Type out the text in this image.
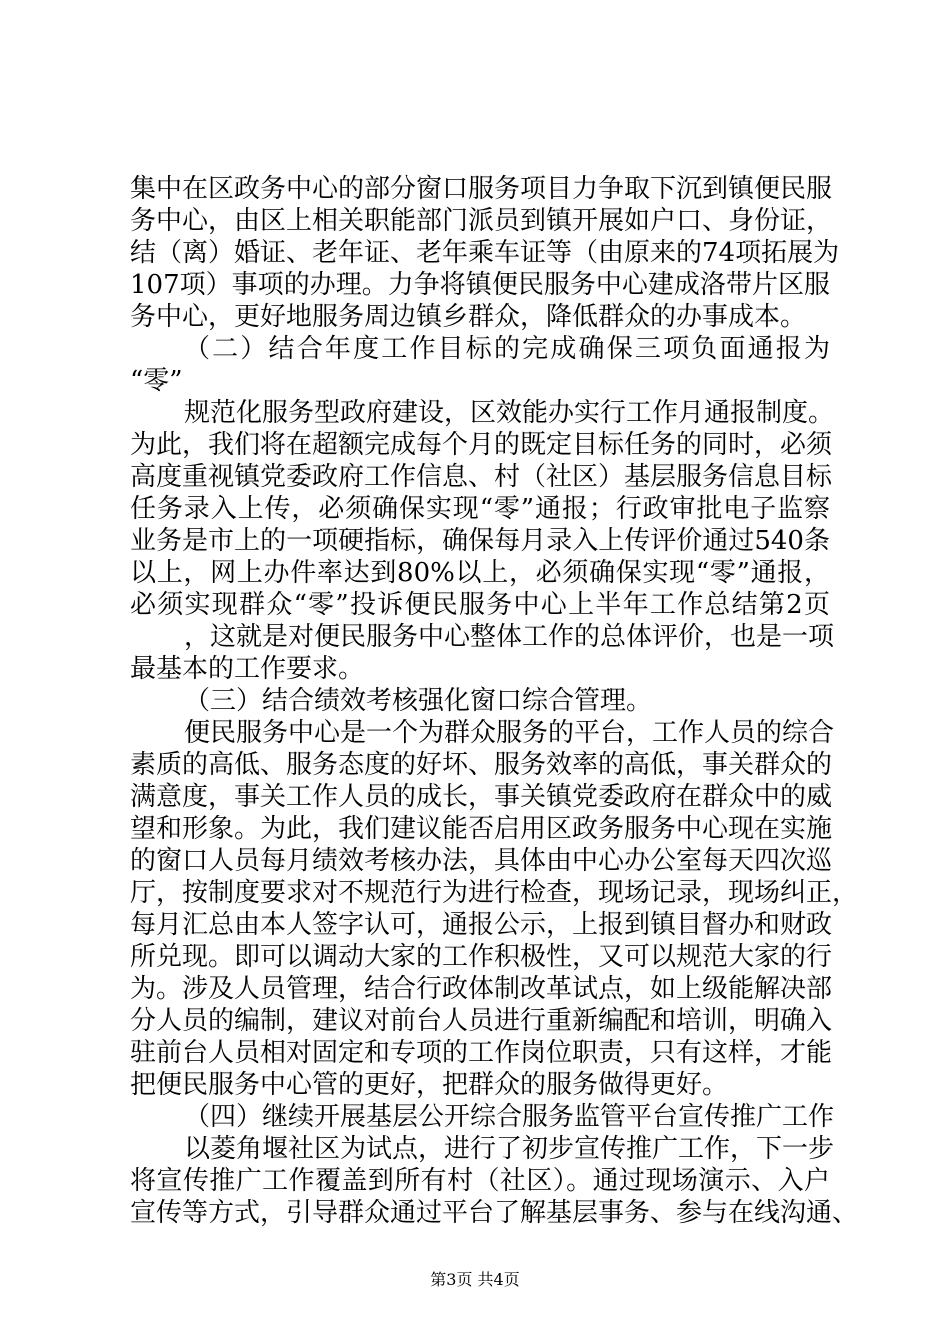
集中在区政务中心的部分窗口服务项目力争取下沉到镇便民服
务中心，由区上相关职能部门派员到镇开展如户口、身份证，
结（离）婚证、老年证、老年乘车证等（由原来的74项拓展为
107项）事项的办理。力争将镇便民服务中心建成洛带片区服
务中心，更好地服务周边镇乡群众，降低群众的办事成本。
（二）结合年度工作目标的完成确保三项负面通报为
“零”
规范化服务型政府建设，区效能办实行工作月通报制度。
为此，我们将在超额完成每个月的既定目标任务的同时，必须
高度重视镇党委政府工作信息、村（社区）基层服务信息目标
任务录入上传，必须确保实现“零”通报；行政审批电子监察
业务是市上的一项硬指标，确保每月录入上传评价通过540条
以上，网上办件率达到80%以上，必须确保实现“零”通报，
必须实现群众“零”投诉便民服务中心上半年工作总结第2页
，这就是对便民服务中心整体工作的总体评价，也是一项
最基本的工作要求。
（三）结合绩效考核强化窗口综合管理。
便民服务中心是一个为群众服务的平台，工作人员的综合
素质的高低、服务态度的好坏、服务效率的高低，事关群众的
满意度，事关工作人员的成长，事关镇党委政府在群众中的威
望和形象。为此，我们建议能否启用区政务服务中心现在实施
的窗口人员每月绩效考核办法，具体由中心办公室每天四次巡
厅，按制度要求对不规范行为进行检查，现场记录，现场纠正，
每月汇总由本人签字认可，通报公示，上报到镇目督办和财政
所兑现。即可以调动大家的工作积极性，又可以规范大家的行
为。涉及人员管理，结合行政体制改革试点，如上级能解决部
分人员的编制，建议对前台人员进行重新编配和培训，明确入
驻前台人员相对固定和专项的工作岗位职责，只有这样，才能
把便民服务中心管的更好，把群众的服务做得更好。
（四）继续开展基层公开综合服务监管平台宣传推广工作
以菱角堰社区为试点，进行了初步宣传推广工作，下一步
将宣传推广工作覆盖到所有村（社区）。通过现场演示、入户
宣传等方式，引导群众通过平台了解基层事务、参与在线沟通、
第3页 共4页
